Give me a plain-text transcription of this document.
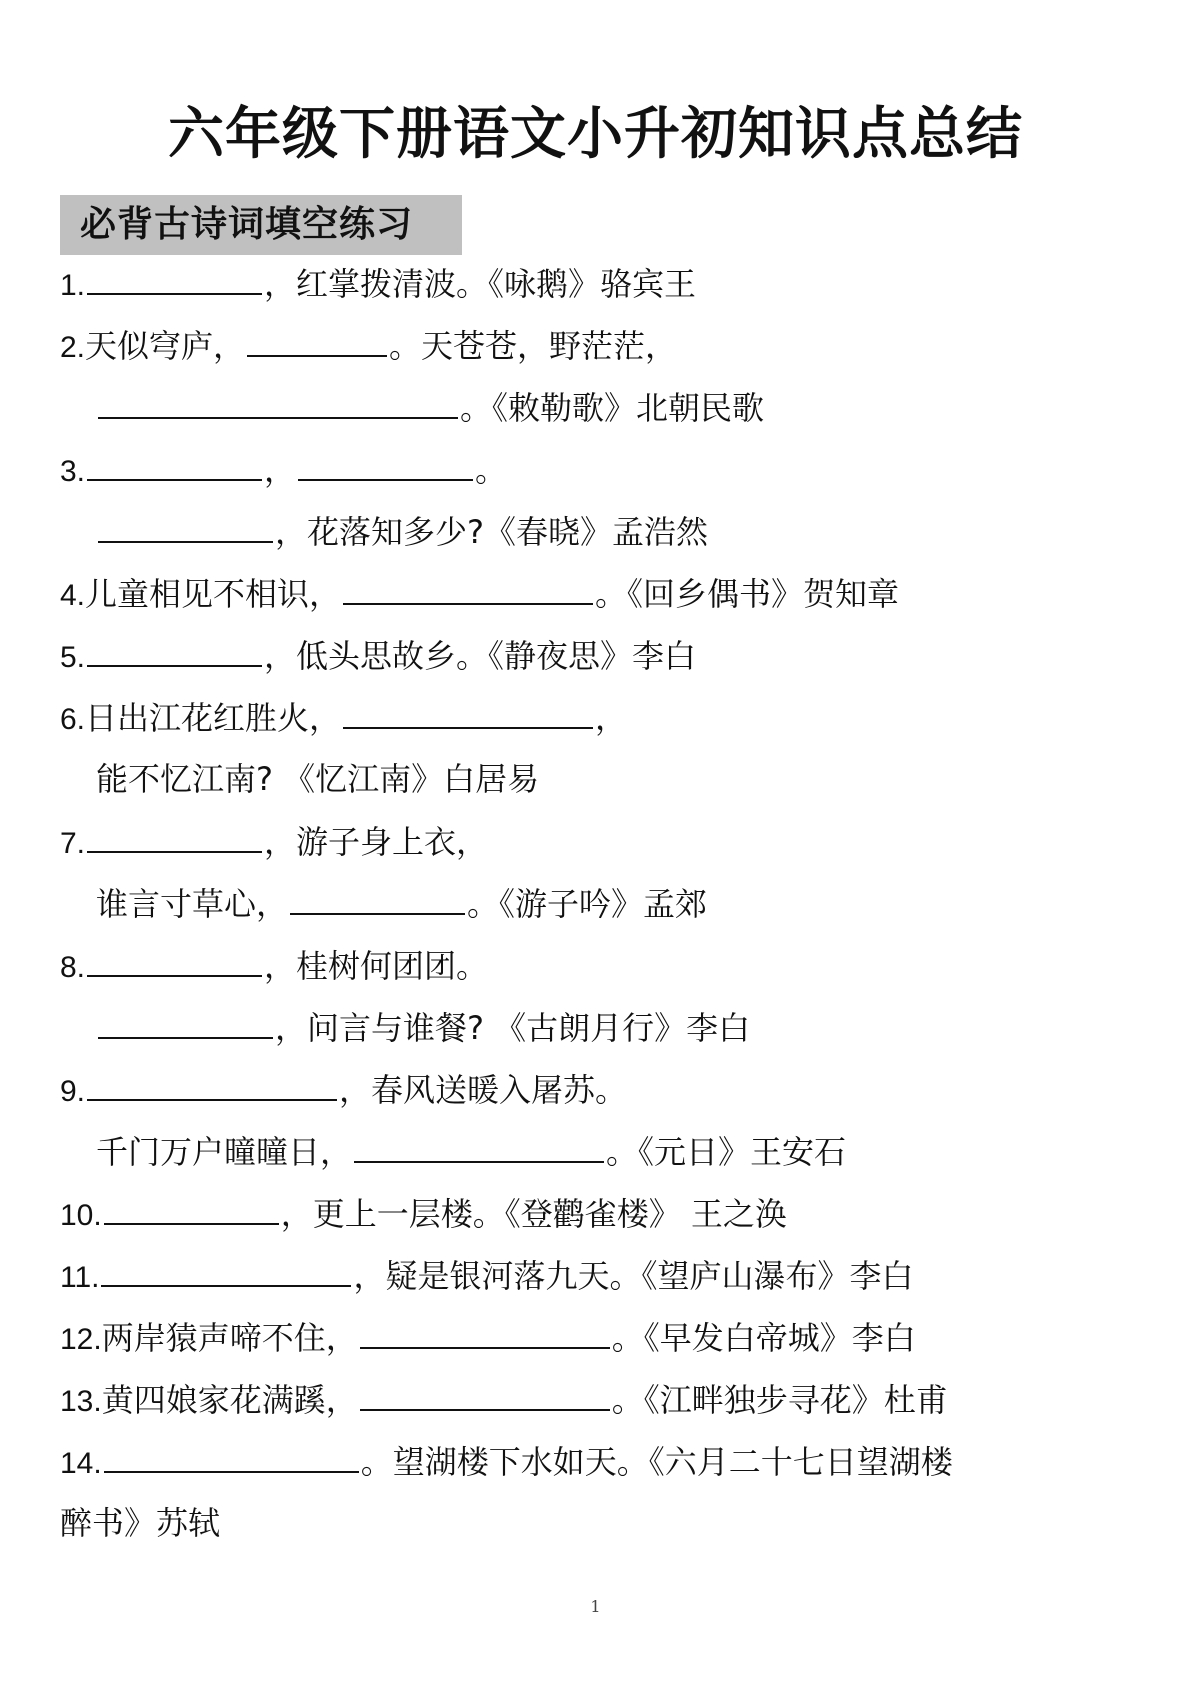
六年级下册语文小升初知识点总结
必背古诗词填空练习
1.	，红掌拨清波。《咏鹅》骆宾王
2.天似穹庐，	。天苍苍，野茫茫，
。《敕勒歌》北朝民歌
3.	，	。
，花落知多少?《春晓》孟浩然
4.儿童相见不相识，	。《回乡偶书》贺知章
5.	，低头思故乡。《静夜思》李白
6.日出江花红胜火，	，
能不忆江南? 《忆江南》白居易
7.	，游子身上衣，
谁言寸草心，	。《游子吟》孟郊
8.	，桂树何团团。
，问言与谁餐? 《古朗月行》李白
9.	，春风送暖入屠苏。
千门万户曈曈日，	。《元日》王安石
10.	，更上一层楼。《登鹳雀楼》 王之涣
11.	，疑是银河落九天。《望庐山瀑布》李白
12.两岸猿声啼不住，	。《早发白帝城》李白
13.黄四娘家花满蹊，	。《江畔独步寻花》杜甫
14.	。望湖楼下水如天。《六月二十七日望湖楼
醉书》苏轼
1
